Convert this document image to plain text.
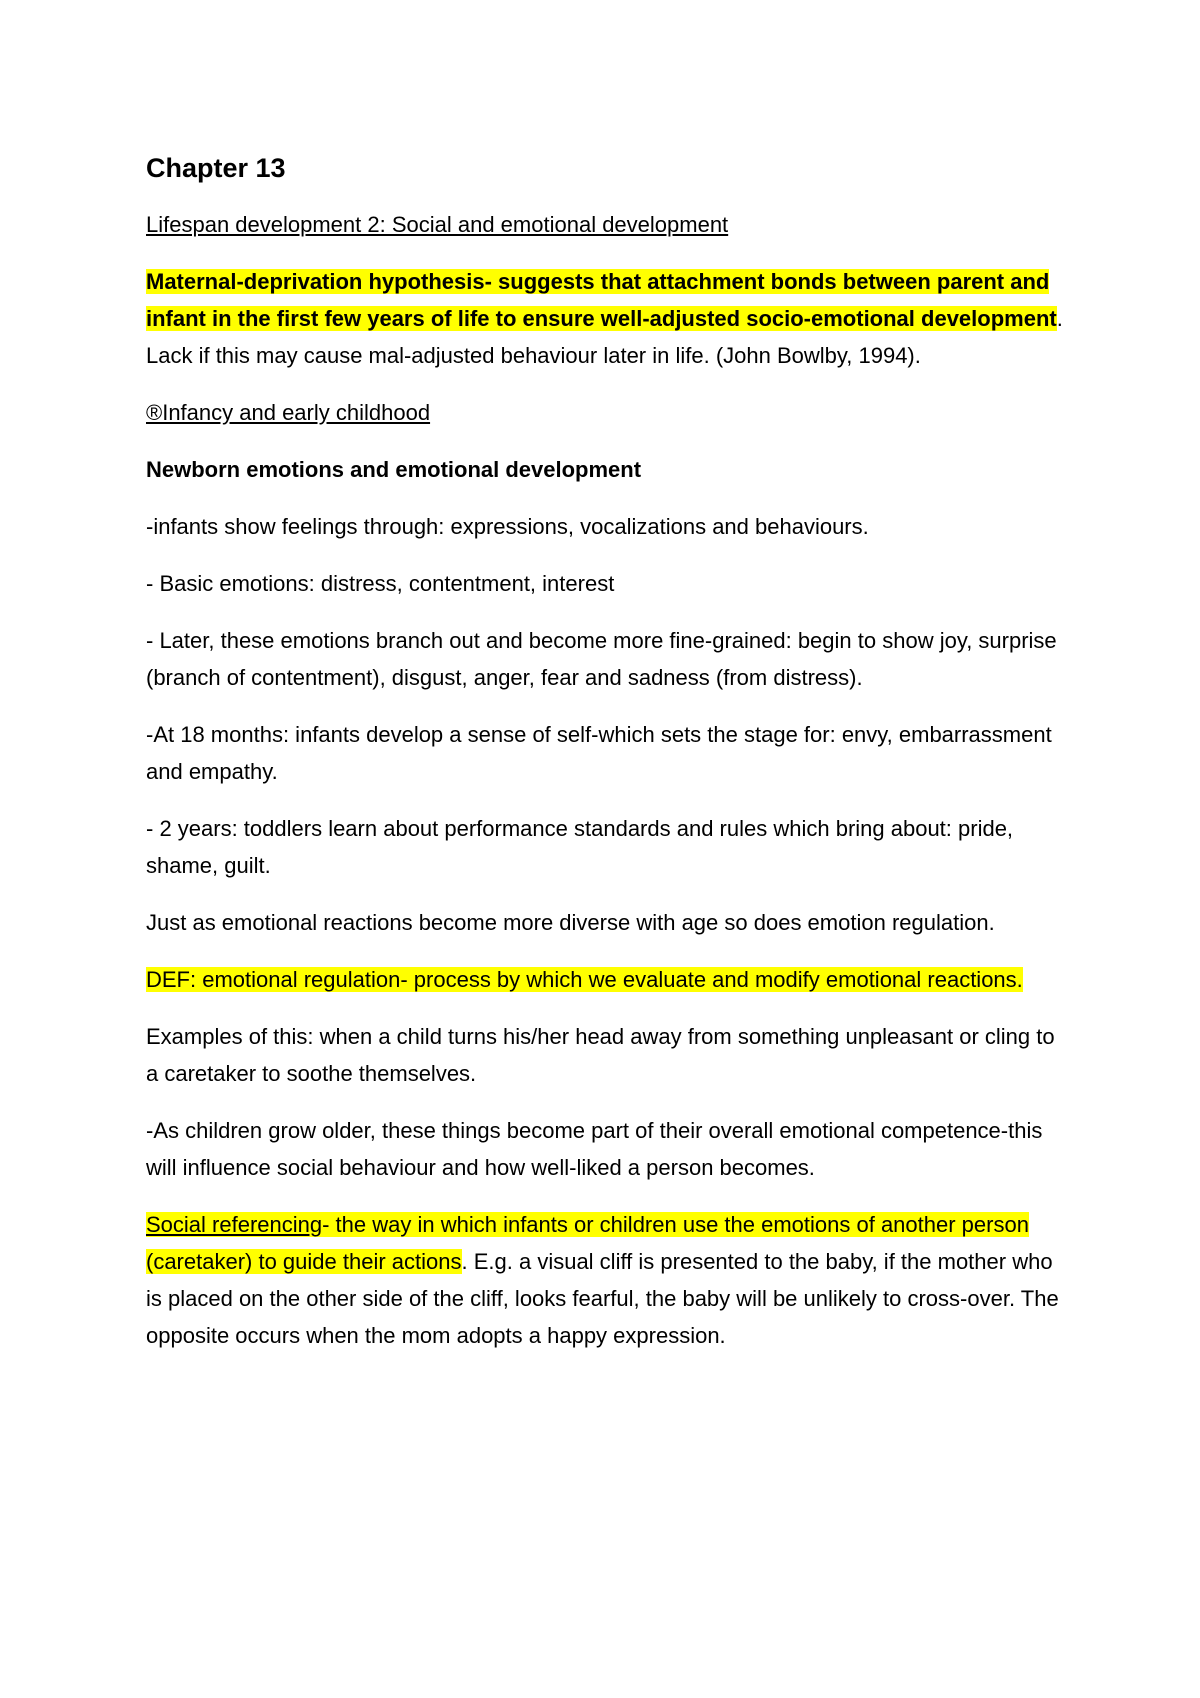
Chapter 13
Lifespan development 2: Social and emotional development
Maternal-deprivation hypothesis- suggests that attachment bonds between parent and infant in the first few years of life to ensure well-adjusted socio-emotional development. Lack if this may cause mal-adjusted behaviour later in life. (John Bowlby, 1994).
®Infancy and early childhood
Newborn emotions and emotional development
-infants show feelings through: expressions, vocalizations and behaviours.
- Basic emotions: distress, contentment, interest
- Later, these emotions branch out and become more fine-grained: begin to show joy, surprise (branch of contentment), disgust, anger, fear and sadness (from distress).
-At 18 months: infants develop a sense of self-which sets the stage for: envy, embarrassment and empathy.
- 2 years: toddlers learn about performance standards and rules which bring about: pride, shame, guilt.
Just as emotional reactions become more diverse with age so does emotion regulation.
DEF: emotional regulation- process by which we evaluate and modify emotional reactions.
Examples of this: when a child turns his/her head away from something unpleasant or cling to a caretaker to soothe themselves.
-As children grow older, these things become part of their overall emotional competence-this will influence social behaviour and how well-liked a person becomes.
Social referencing- the way in which infants or children use the emotions of another person (caretaker) to guide their actions. E.g. a visual cliff is presented to the baby, if the mother who is placed on the other side of the cliff, looks fearful, the baby will be unlikely to cross-over. The opposite occurs when the mom adopts a happy expression.
